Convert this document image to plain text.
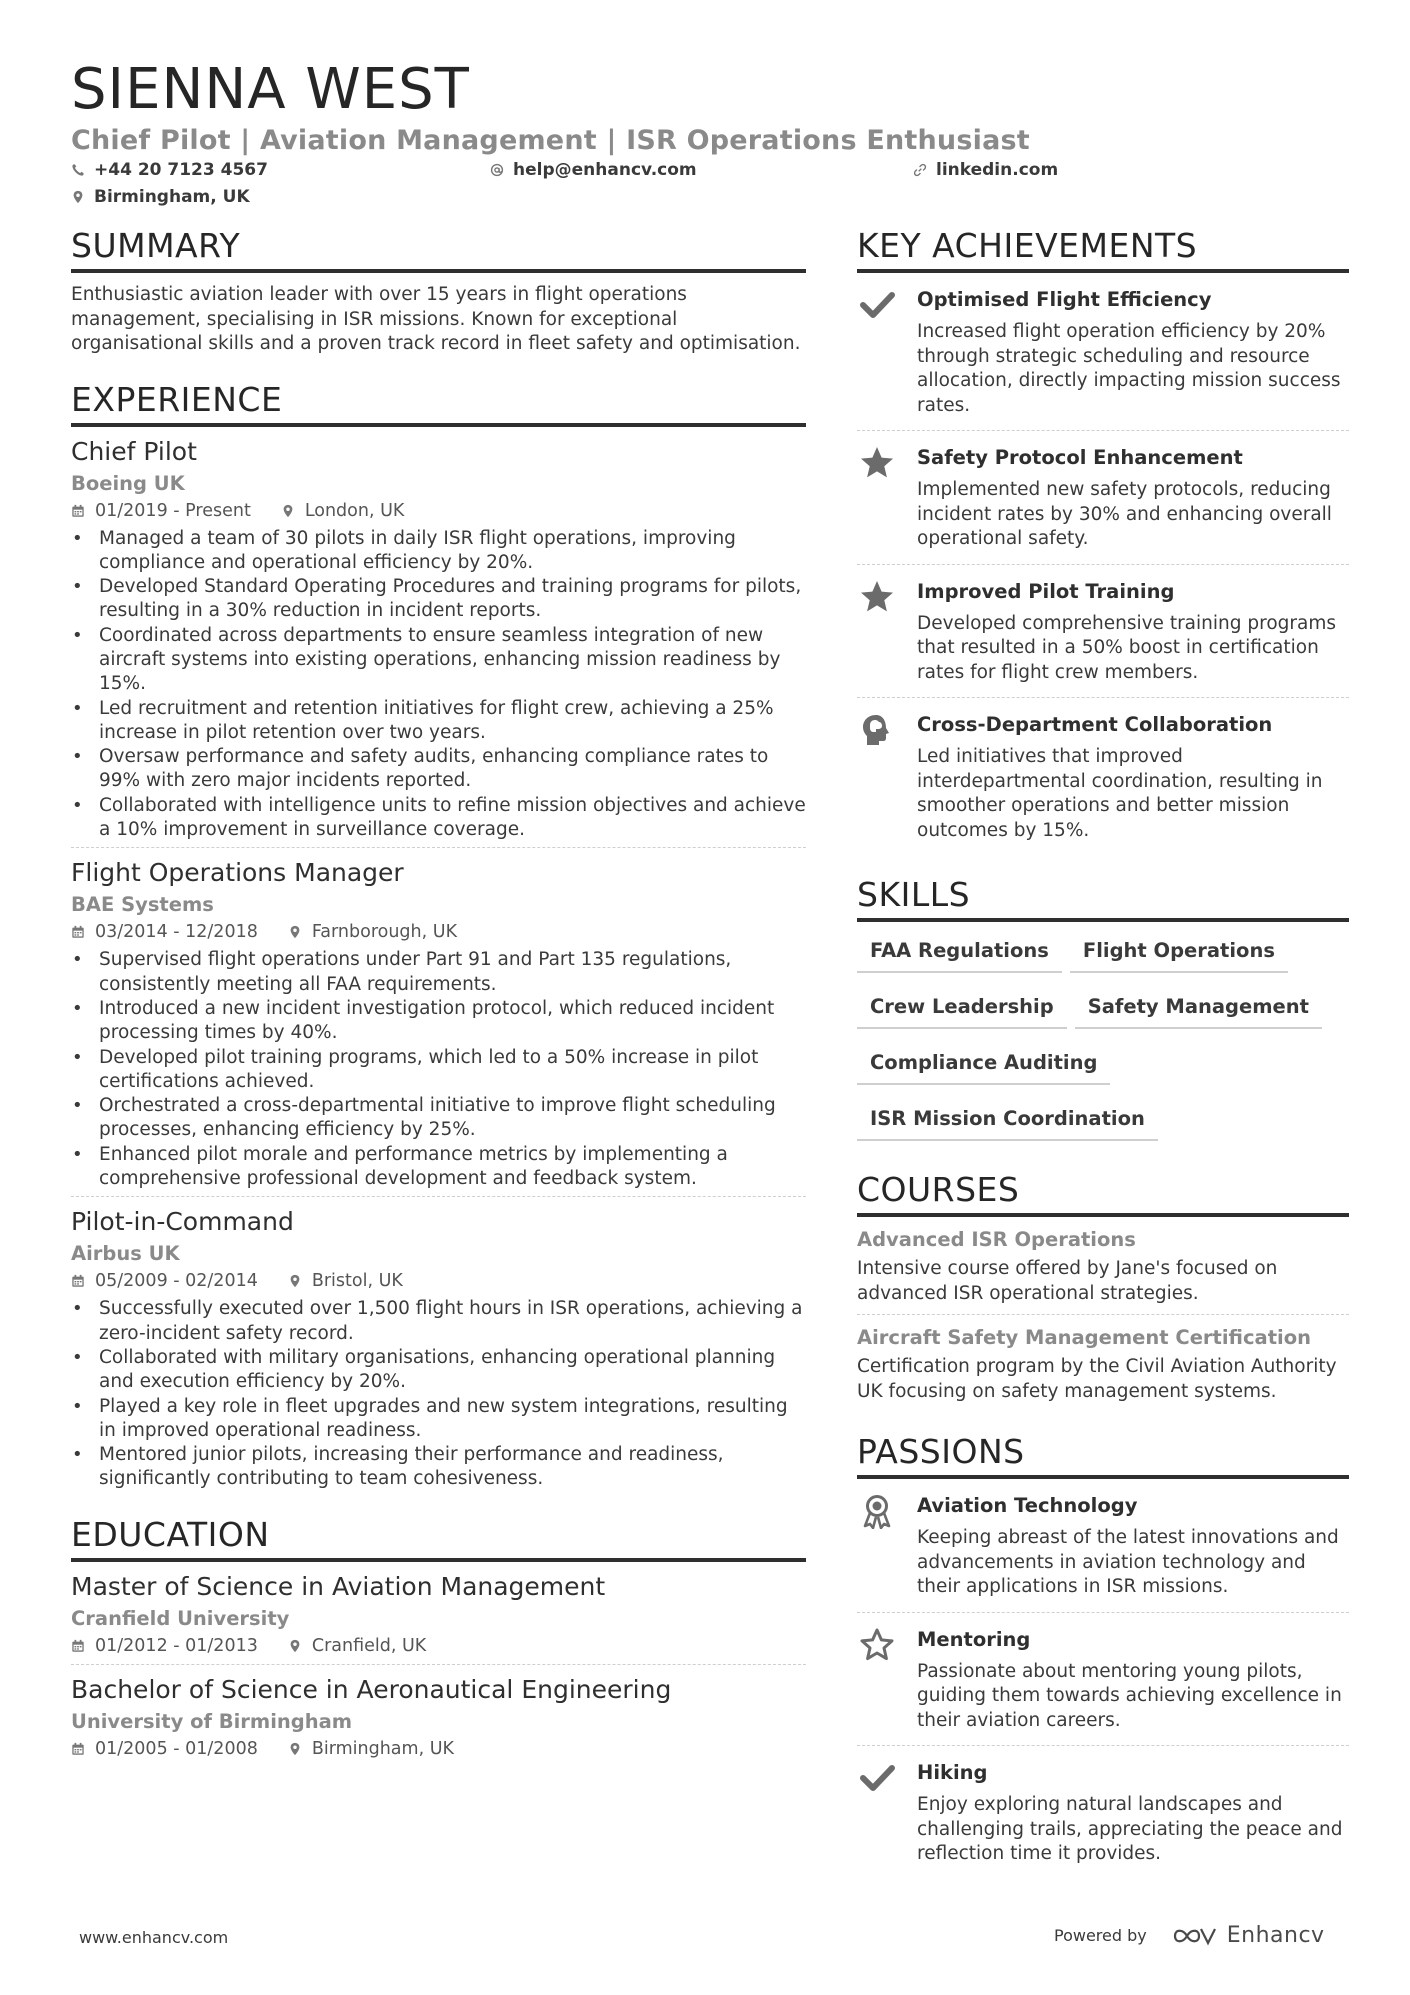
SIENNA WEST
Chief Pilot | Aviation Management | ISR Operations Enthusiast
+44 20 7123 4567	help@enhancv.com	linkedin.com
Birmingham, UK
SUMMARY
Enthusiastic aviation leader with over 15 years in flight operations management, specialising in ISR missions. Known for exceptional organisational skills and a proven track record in fleet safety and optimisation.
EXPERIENCE
Chief Pilot
Boeing UK
01/2019 - Present	London, UK
• Managed a team of 30 pilots in daily ISR flight operations, improving compliance and operational efficiency by 20%.
• Developed Standard Operating Procedures and training programs for pilots, resulting in a 30% reduction in incident reports.
• Coordinated across departments to ensure seamless integration of new aircraft systems into existing operations, enhancing mission readiness by 15%.
• Led recruitment and retention initiatives for flight crew, achieving a 25% increase in pilot retention over two years.
• Oversaw performance and safety audits, enhancing compliance rates to 99% with zero major incidents reported.
• Collaborated with intelligence units to refine mission objectives and achieve a 10% improvement in surveillance coverage.
Flight Operations Manager
BAE Systems
03/2014 - 12/2018	Farnborough, UK
• Supervised flight operations under Part 91 and Part 135 regulations, consistently meeting all FAA requirements.
• Introduced a new incident investigation protocol, which reduced incident processing times by 40%.
• Developed pilot training programs, which led to a 50% increase in pilot certifications achieved.
• Orchestrated a cross-departmental initiative to improve flight scheduling processes, enhancing efficiency by 25%.
• Enhanced pilot morale and performance metrics by implementing a comprehensive professional development and feedback system.
Pilot-in-Command
Airbus UK
05/2009 - 02/2014	Bristol, UK
• Successfully executed over 1,500 flight hours in ISR operations, achieving a zero-incident safety record.
• Collaborated with military organisations, enhancing operational planning and execution efficiency by 20%.
• Played a key role in fleet upgrades and new system integrations, resulting in improved operational readiness.
• Mentored junior pilots, increasing their performance and readiness, significantly contributing to team cohesiveness.
EDUCATION
Master of Science in Aviation Management
Cranfield University
01/2012 - 01/2013	Cranfield, UK
Bachelor of Science in Aeronautical Engineering
University of Birmingham
01/2005 - 01/2008	Birmingham, UK
KEY ACHIEVEMENTS
Optimised Flight Efficiency
Increased flight operation efficiency by 20% through strategic scheduling and resource allocation, directly impacting mission success rates.
Safety Protocol Enhancement
Implemented new safety protocols, reducing incident rates by 30% and enhancing overall operational safety.
Improved Pilot Training
Developed comprehensive training programs that resulted in a 50% boost in certification rates for flight crew members.
Cross-Department Collaboration
Led initiatives that improved interdepartmental coordination, resulting in smoother operations and better mission outcomes by 15%.
SKILLS
FAA Regulations	Flight Operations
Crew Leadership	Safety Management
Compliance Auditing
ISR Mission Coordination
COURSES
Advanced ISR Operations
Intensive course offered by Jane's focused on advanced ISR operational strategies.
Aircraft Safety Management Certification
Certification program by the Civil Aviation Authority UK focusing on safety management systems.
PASSIONS
Aviation Technology
Keeping abreast of the latest innovations and advancements in aviation technology and their applications in ISR missions.
Mentoring
Passionate about mentoring young pilots, guiding them towards achieving excellence in their aviation careers.
Hiking
Enjoy exploring natural landscapes and challenging trails, appreciating the peace and reflection time it provides.
www.enhancv.com	Powered by	Enhancv
